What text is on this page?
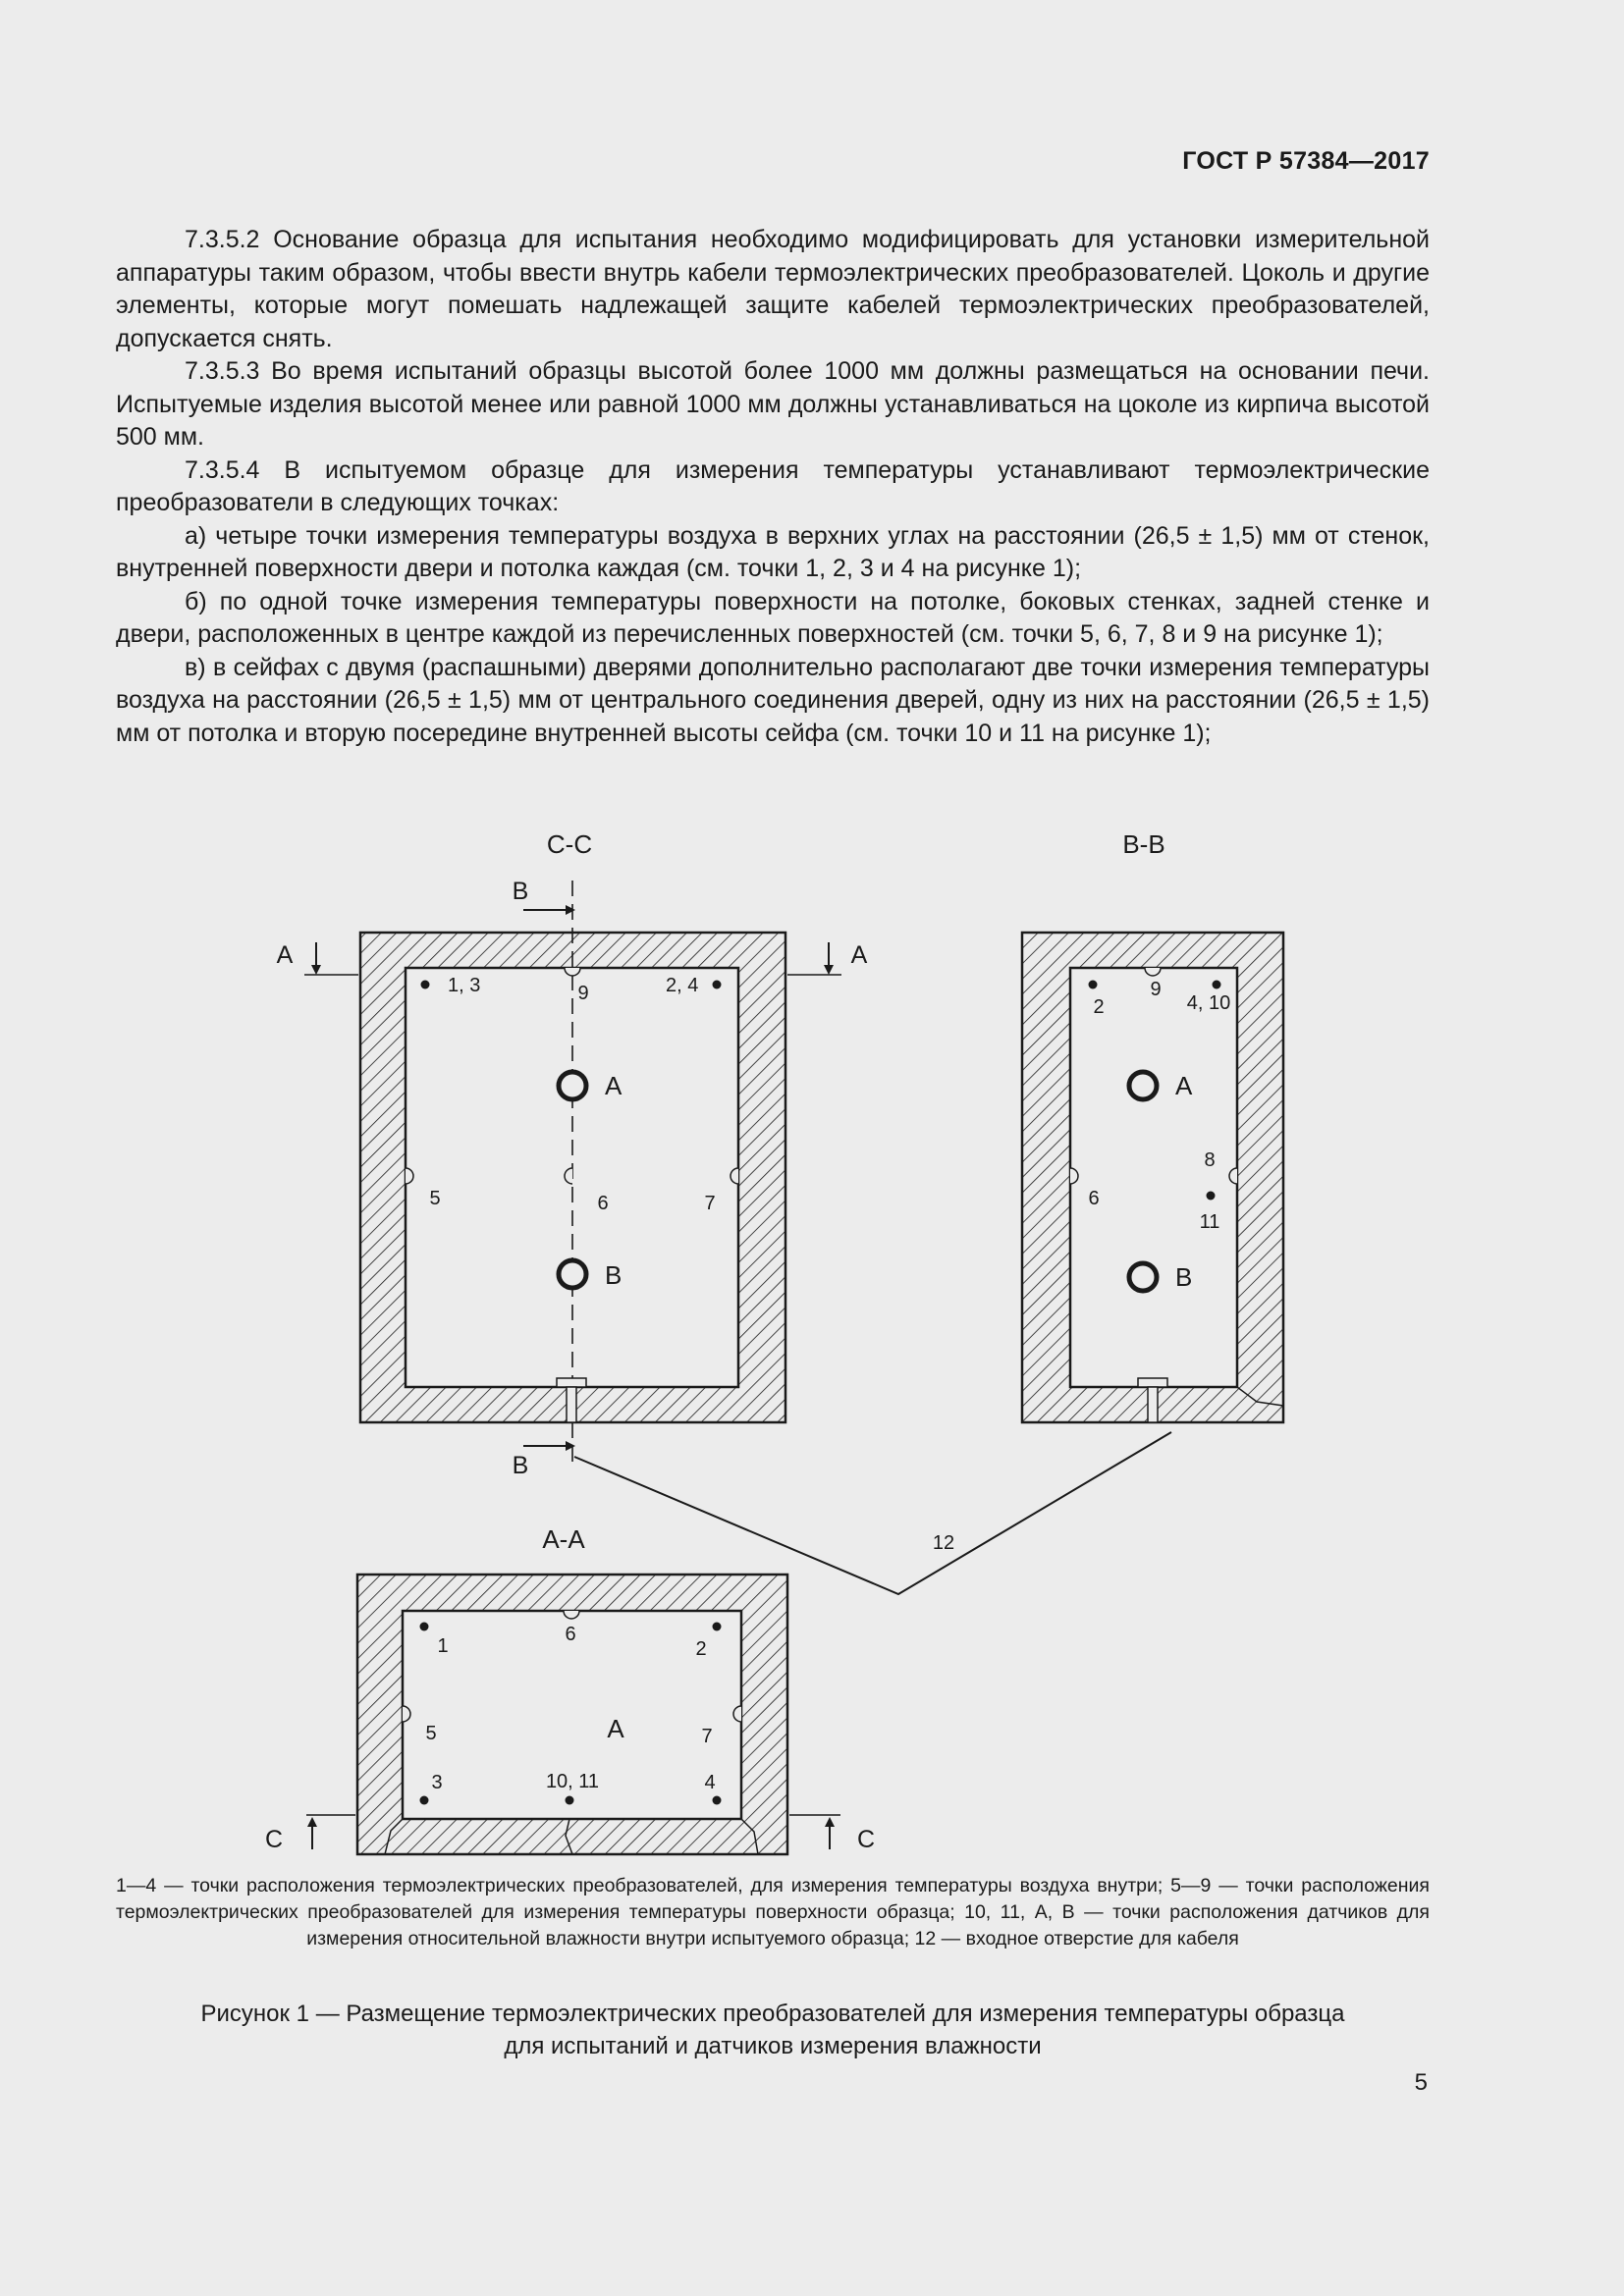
ГОСТ Р 57384—2017

7.3.5.2 Основание образца для испытания необходимо модифицировать для установки измерительной аппаратуры таким образом, чтобы ввести внутрь кабели термоэлектрических преобразователей. Цоколь и другие элементы, которые могут помешать надлежащей защите кабелей термоэлектрических преобразователей, допускается снять.

7.3.5.3 Во время испытаний образцы высотой более 1000 мм должны размещаться на основании печи. Испытуемые изделия высотой менее или равной 1000 мм должны устанавливаться на цоколе из кирпича высотой 500 мм.

7.3.5.4 В испытуемом образце для измерения температуры устанавливают термоэлектрические преобразователи в следующих точках:

а) четыре точки измерения температуры воздуха в верхних углах на расстоянии (26,5 ± 1,5) мм от стенок, внутренней поверхности двери и потолка каждая (см. точки 1, 2, 3 и 4 на рисунке 1);

б) по одной точке измерения температуры поверхности на потолке, боковых стенках, задней стенке и двери, расположенных в центре каждой из перечисленных поверхностей (см. точки 5, 6, 7, 8 и 9 на рисунке 1);

в) в сейфах с двумя (распашными) дверями дополнительно располагают две точки измерения температуры воздуха на расстоянии (26,5 ± 1,5) мм от центрального соединения дверей, одну из них на расстоянии (26,5 ± 1,5) мм от потолка и вторую посередине внутренней высоты сейфа (см. точки 10 и 11 на рисунке 1);

С-С
В
В
А	А
1, 3	2, 4
9
5	6	7
А
В
В-В
2
9
4, 10
8
6
11
А
В
12
А-А
С	С
1
6
2
5	7
3	10, 11	4
А
1—4 — точки расположения термоэлектрических преобразователей, для измерения температуры воздуха внутри; 5—9 — точки расположения термоэлектрических преобразователей для измерения температуры поверхности образца; 10, 11, А, В — точки расположения датчиков для измерения относительной влажности внутри испытуемого образца; 12 — входное отверстие для кабеля
Рисунок 1 — Размещение термоэлектрических преобразователей для измерения температуры образца
для испытаний и датчиков измерения влажности
5
